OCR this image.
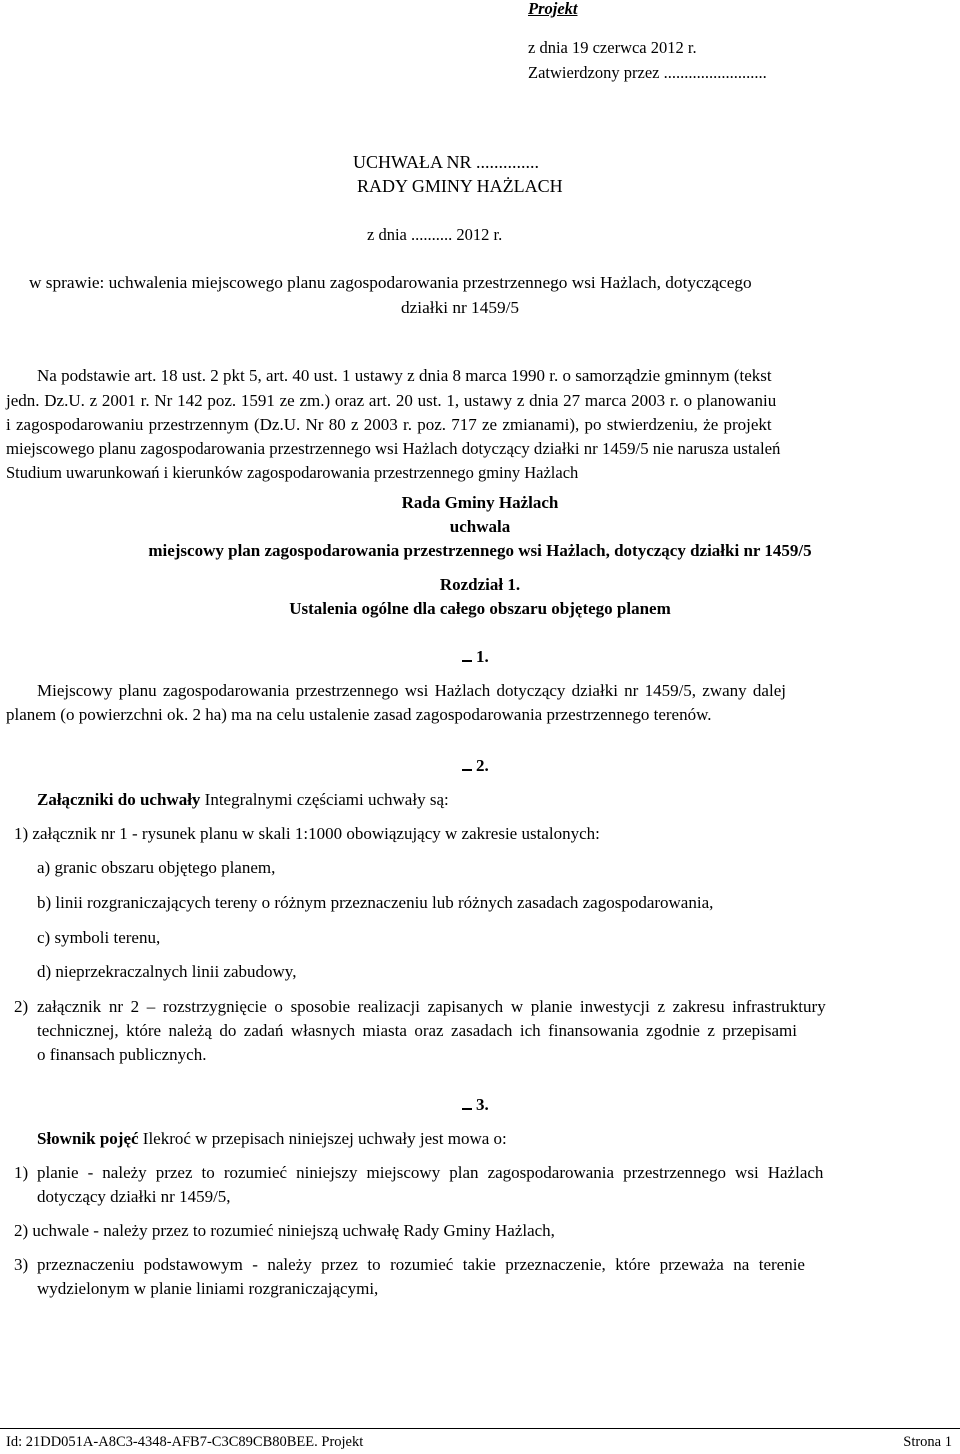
Projekt
z dnia 19 czerwca 2012 r.
Zatwierdzony przez .........................
UCHWAŁA NR ..............
RADY GMINY HAŻLACH
z dnia .......... 2012 r.
w sprawie: uchwalenia miejscowego planu zagospodarowania przestrzennego wsi Hażlach, dotyczącego
działki nr 1459/5
Na podstawie art. 18 ust. 2 pkt 5, art. 40 ust. 1 ustawy z dnia 8 marca 1990 r. o samorządzie gminnym (tekst
jedn. Dz.U. z 2001 r. Nr 142 poz. 1591 ze zm.) oraz art. 20 ust. 1, ustawy z dnia 27 marca 2003 r. o planowaniu
i zagospodarowaniu przestrzennym (Dz.U. Nr 80 z 2003 r. poz. 717 ze zmianami), po stwierdzeniu, że projekt
miejscowego planu zagospodarowania przestrzennego wsi Hażlach dotyczący działki nr 1459/5 nie narusza ustaleń
Studium uwarunkowań i kierunków zagospodarowania przestrzennego gminy Hażlach
Rada Gminy Hażlach
uchwala
miejscowy plan zagospodarowania przestrzennego wsi Hażlach, dotyczący działki nr 1459/5
Rozdział 1.
Ustalenia ogólne dla całego obszaru objętego planem
1.
Miejscowy planu zagospodarowania przestrzennego wsi Hażlach dotyczący działki nr 1459/5, zwany dalej
planem (o powierzchni ok. 2 ha) ma na celu ustalenie zasad zagospodarowania przestrzennego terenów.
2.
Załączniki do uchwały Integralnymi częściami uchwały są:
1) załącznik nr 1 - rysunek planu w skali 1:1000 obowiązujący w zakresie ustalonych:
a) granic obszaru objętego planem,
b) linii rozgraniczających tereny o różnym przeznaczeniu lub różnych zasadach zagospodarowania,
c) symboli terenu,
d) nieprzekraczalnych linii zabudowy,
2) załącznik nr 2 – rozstrzygnięcie o sposobie realizacji zapisanych w planie inwestycji z zakresu infrastruktury
technicznej, które należą do zadań własnych miasta oraz zasadach ich finansowania zgodnie z przepisami
o finansach publicznych.
3.
Słownik pojęć Ilekroć w przepisach niniejszej uchwały jest mowa o:
1) planie - należy przez to rozumieć niniejszy miejscowy plan zagospodarowania przestrzennego wsi Hażlach
dotyczący działki nr 1459/5,
2) uchwale - należy przez to rozumieć niniejszą uchwałę Rady Gminy Hażlach,
3) przeznaczeniu podstawowym - należy przez to rozumieć takie przeznaczenie, które przeważa na terenie
wydzielonym w planie liniami rozgraniczającymi,
Id: 21DD051A-A8C3-4348-AFB7-C3C89CB80BEE. Projekt	Strona 1
